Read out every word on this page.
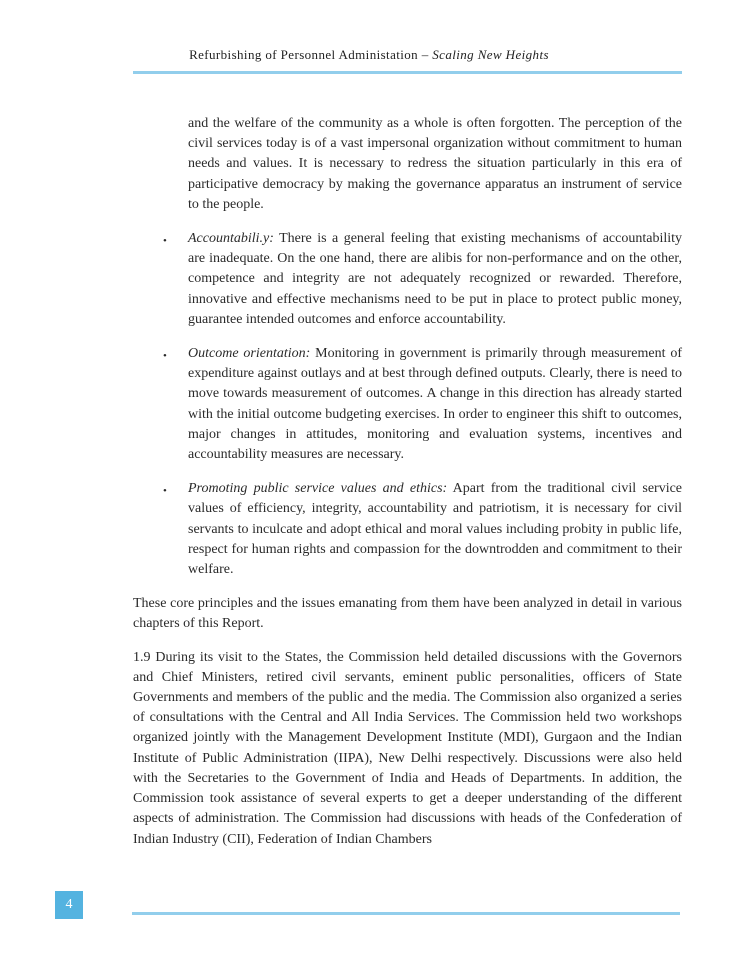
Refurbishing of Personnel Administation – Scaling New Heights

and the welfare of the community as a whole is often forgotten. The perception of the civil services today is of a vast impersonal organization without commitment to human needs and values. It is necessary to redress the situation particularly in this era of participative democracy by making the governance apparatus an instrument of service to the people.

•	Accountabili.y: There is a general feeling that existing mechanisms of accountability are inadequate. On the one hand, there are alibis for non-performance and on the other, competence and integrity are not adequately recognized or rewarded. Therefore, innovative and effective mechanisms need to be put in place to protect public money, guarantee intended outcomes and enforce accountability.
•	Outcome orientation: Monitoring in government is primarily through measurement of expenditure against outlays and at best through defined outputs. Clearly, there is need to move towards measurement of outcomes. A change in this direction has already started with the initial outcome budgeting exercises. In order to engineer this shift to outcomes, major changes in attitudes, monitoring and evaluation systems, incentives and accountability measures are necessary.
•	Promoting public service values and ethics: Apart from the traditional civil service values of efficiency, integrity, accountability and patriotism, it is necessary for civil servants to inculcate and adopt ethical and moral values including probity in public life, respect for human rights and compassion for the downtrodden and commitment to their welfare.

These core principles and the issues emanating from them have been analyzed in detail in various chapters of this Report.

1.9 During its visit to the States, the Commission held detailed discussions with the Governors and Chief Ministers, retired civil servants, eminent public personalities, officers of State Governments and members of the public and the media. The Commission also organized a series of consultations with the Central and All India Services. The Commission held two workshops organized jointly with the Management Development Institute (MDI), Gurgaon and the Indian Institute of Public Administration (IIPA), New Delhi respectively. Discussions were also held with the Secretaries to the Government of India and Heads of Departments. In addition, the Commission took assistance of several experts to get a deeper understanding of the different aspects of administration. The Commission had discussions with heads of the Confederation of Indian Industry (CII), Federation of Indian Chambers

4
